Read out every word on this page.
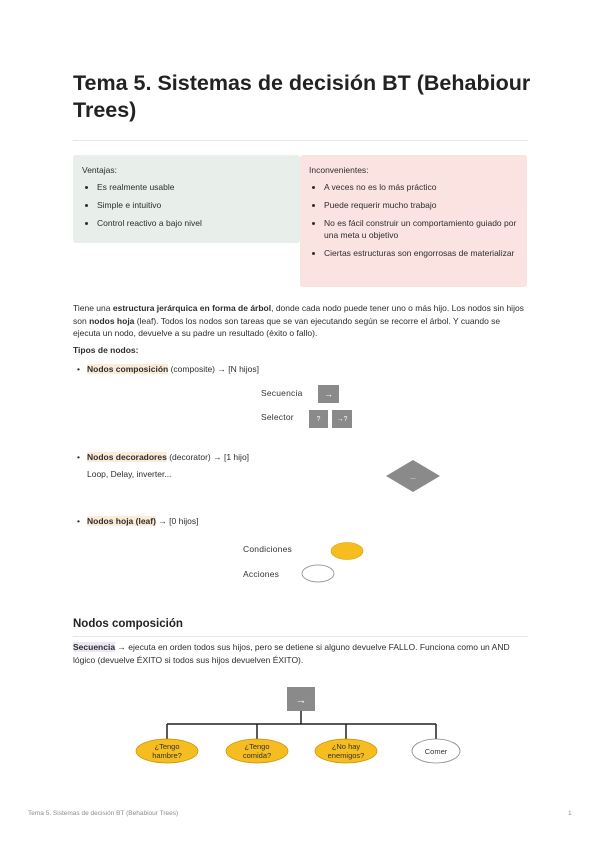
Tema 5. Sistemas de decisión BT (Behabiour Trees)
Ventajas:
• Es realmente usable
• Simple e intuitivo
• Control reactivo a bajo nivel
Inconvenientes:
• A veces no es lo más práctico
• Puede requerir mucho trabajo
• No es fácil construir un comportamiento guiado por una meta u objetivo
• Ciertas estructuras son engorrosas de materializar
Tiene una estructura jerárquica en forma de árbol, donde cada nodo puede tener uno o más hijo. Los nodos sin hijos son nodos hoja (leaf). Todos los nodos son tareas que se van ejecutando según se recorre el árbol. Y cuando se ejecuta un nodo, devuelve a su padre un resultado (éxito o fallo).
Tipos de nodos:
• Nodos composición (composite) → [N hijos]
Secuencia	→
Selector	?	→?
• Nodos decoradores (decorator) → [1 hijo]
Loop, Delay, inverter...	...
• Nodos hoja (leaf) → [0 hijos]
Condiciones
Acciones
Nodos composición
Secuencia → ejecuta en orden todos sus hijos, pero se detiene si alguno devuelve FALLO. Funciona como un AND lógico (devuelve ÉXITO si todos sus hijos devuelven ÉXITO).
→
¿Tengo
hambre?
¿Tengo
comida?
¿No hay
enemigos?	Comer
Tema 5. Sistemas de decisión BT (Behabiour Trees)	1
